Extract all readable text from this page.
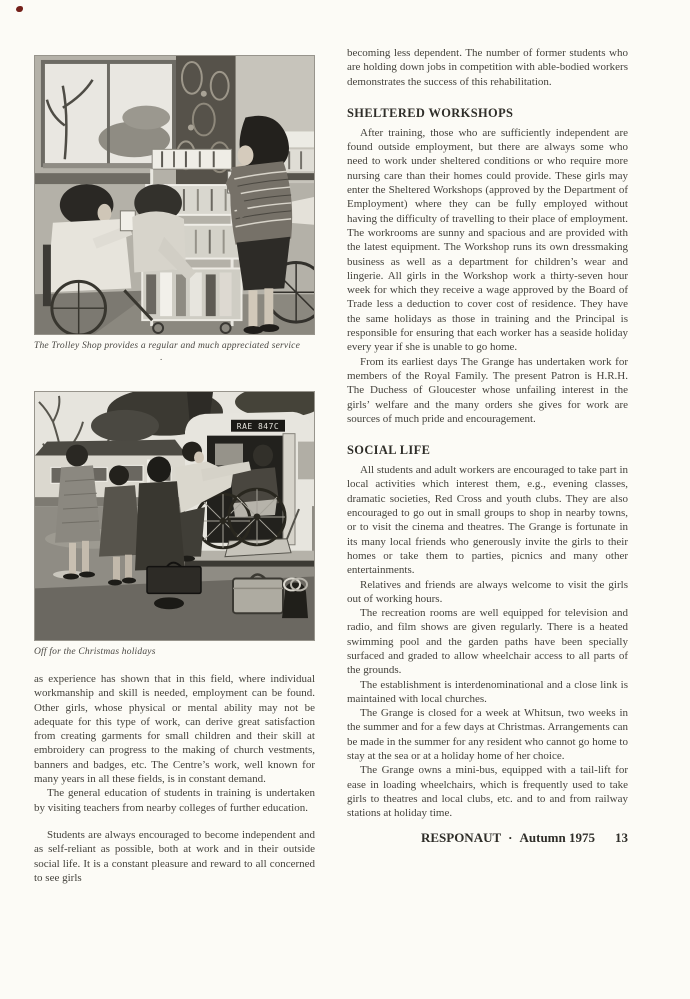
The Trolley Shop provides a regular and much appreciated service
.
RAE 847C
Off for the Christmas holidays

as experience has shown that in this field, where individual workmanship and skill is needed, employment can be found. Other girls, whose physical or mental ability may not be adequate for this type of work, can derive great satisfaction from creating garments for small children and their skill at embroidery can progress to the making of church vestments, banners and badges, etc. The Centre’s work, well known for many years in all these fields, is in constant demand.

The general education of students in training is undertaken by visiting teachers from nearby colleges of further education.

Students are always encouraged to become independent and as self-reliant as possible, both at work and in their outside social life. It is a constant pleasure and reward to all concerned to see girls

becoming less dependent. The number of former students who are holding down jobs in competition with able-bodied workers demonstrates the success of this rehabilitation.

SHELTERED WORKSHOPS

After training, those who are sufficiently independent are found outside employment, but there are always some who need to work under sheltered conditions or who require more nursing care than their homes could provide. These girls may enter the Sheltered Workshops (approved by the Department of Employment) where they can be fully employed without having the difficulty of travelling to their place of employment. The workrooms are sunny and spacious and are provided with the latest equipment. The Workshop runs its own dressmaking business as well as a department for children’s wear and lingerie. All girls in the Workshop work a thirty-seven hour week for which they receive a wage approved by the Board of Trade less a deduction to cover cost of residence. They have the same holidays as those in training and the Principal is responsible for ensuring that each worker has a seaside holiday every year if she is unable to go home.

From its earliest days The Grange has undertaken work for members of the Royal Family. The present Patron is H.R.H. The Duchess of Gloucester whose unfailing interest in the girls’ welfare and the many orders she gives for work are sources of much pride and encouragement.

SOCIAL LIFE

All students and adult workers are encouraged to take part in local activities which interest them, e.g., evening classes, dramatic societies, Red Cross and youth clubs. They are also encouraged to go out in small groups to shop in nearby towns, or to visit the cinema and theatres. The Grange is fortunate in its many local friends who generously invite the girls to their homes or take them to parties, picnics and many other entertainments.

Relatives and friends are always welcome to visit the girls out of working hours.

The recreation rooms are well equipped for television and radio, and film shows are given regularly. There is a heated swimming pool and the garden paths have been specially surfaced and graded to allow wheelchair access to all parts of the grounds.

The establishment is interdenominational and a close link is maintained with local churches.

The Grange is closed for a week at Whitsun, two weeks in the summer and for a few days at Christmas. Arrangements can be made in the summer for any resident who cannot go home to stay at the sea or at a holiday home of her choice.

The Grange owns a mini-bus, equipped with a tail-lift for ease in loading wheelchairs, which is frequently used to take girls to theatres and local clubs, etc. and to and from railway stations at holiday time.

RESPONAUT · Autumn 1975 13
